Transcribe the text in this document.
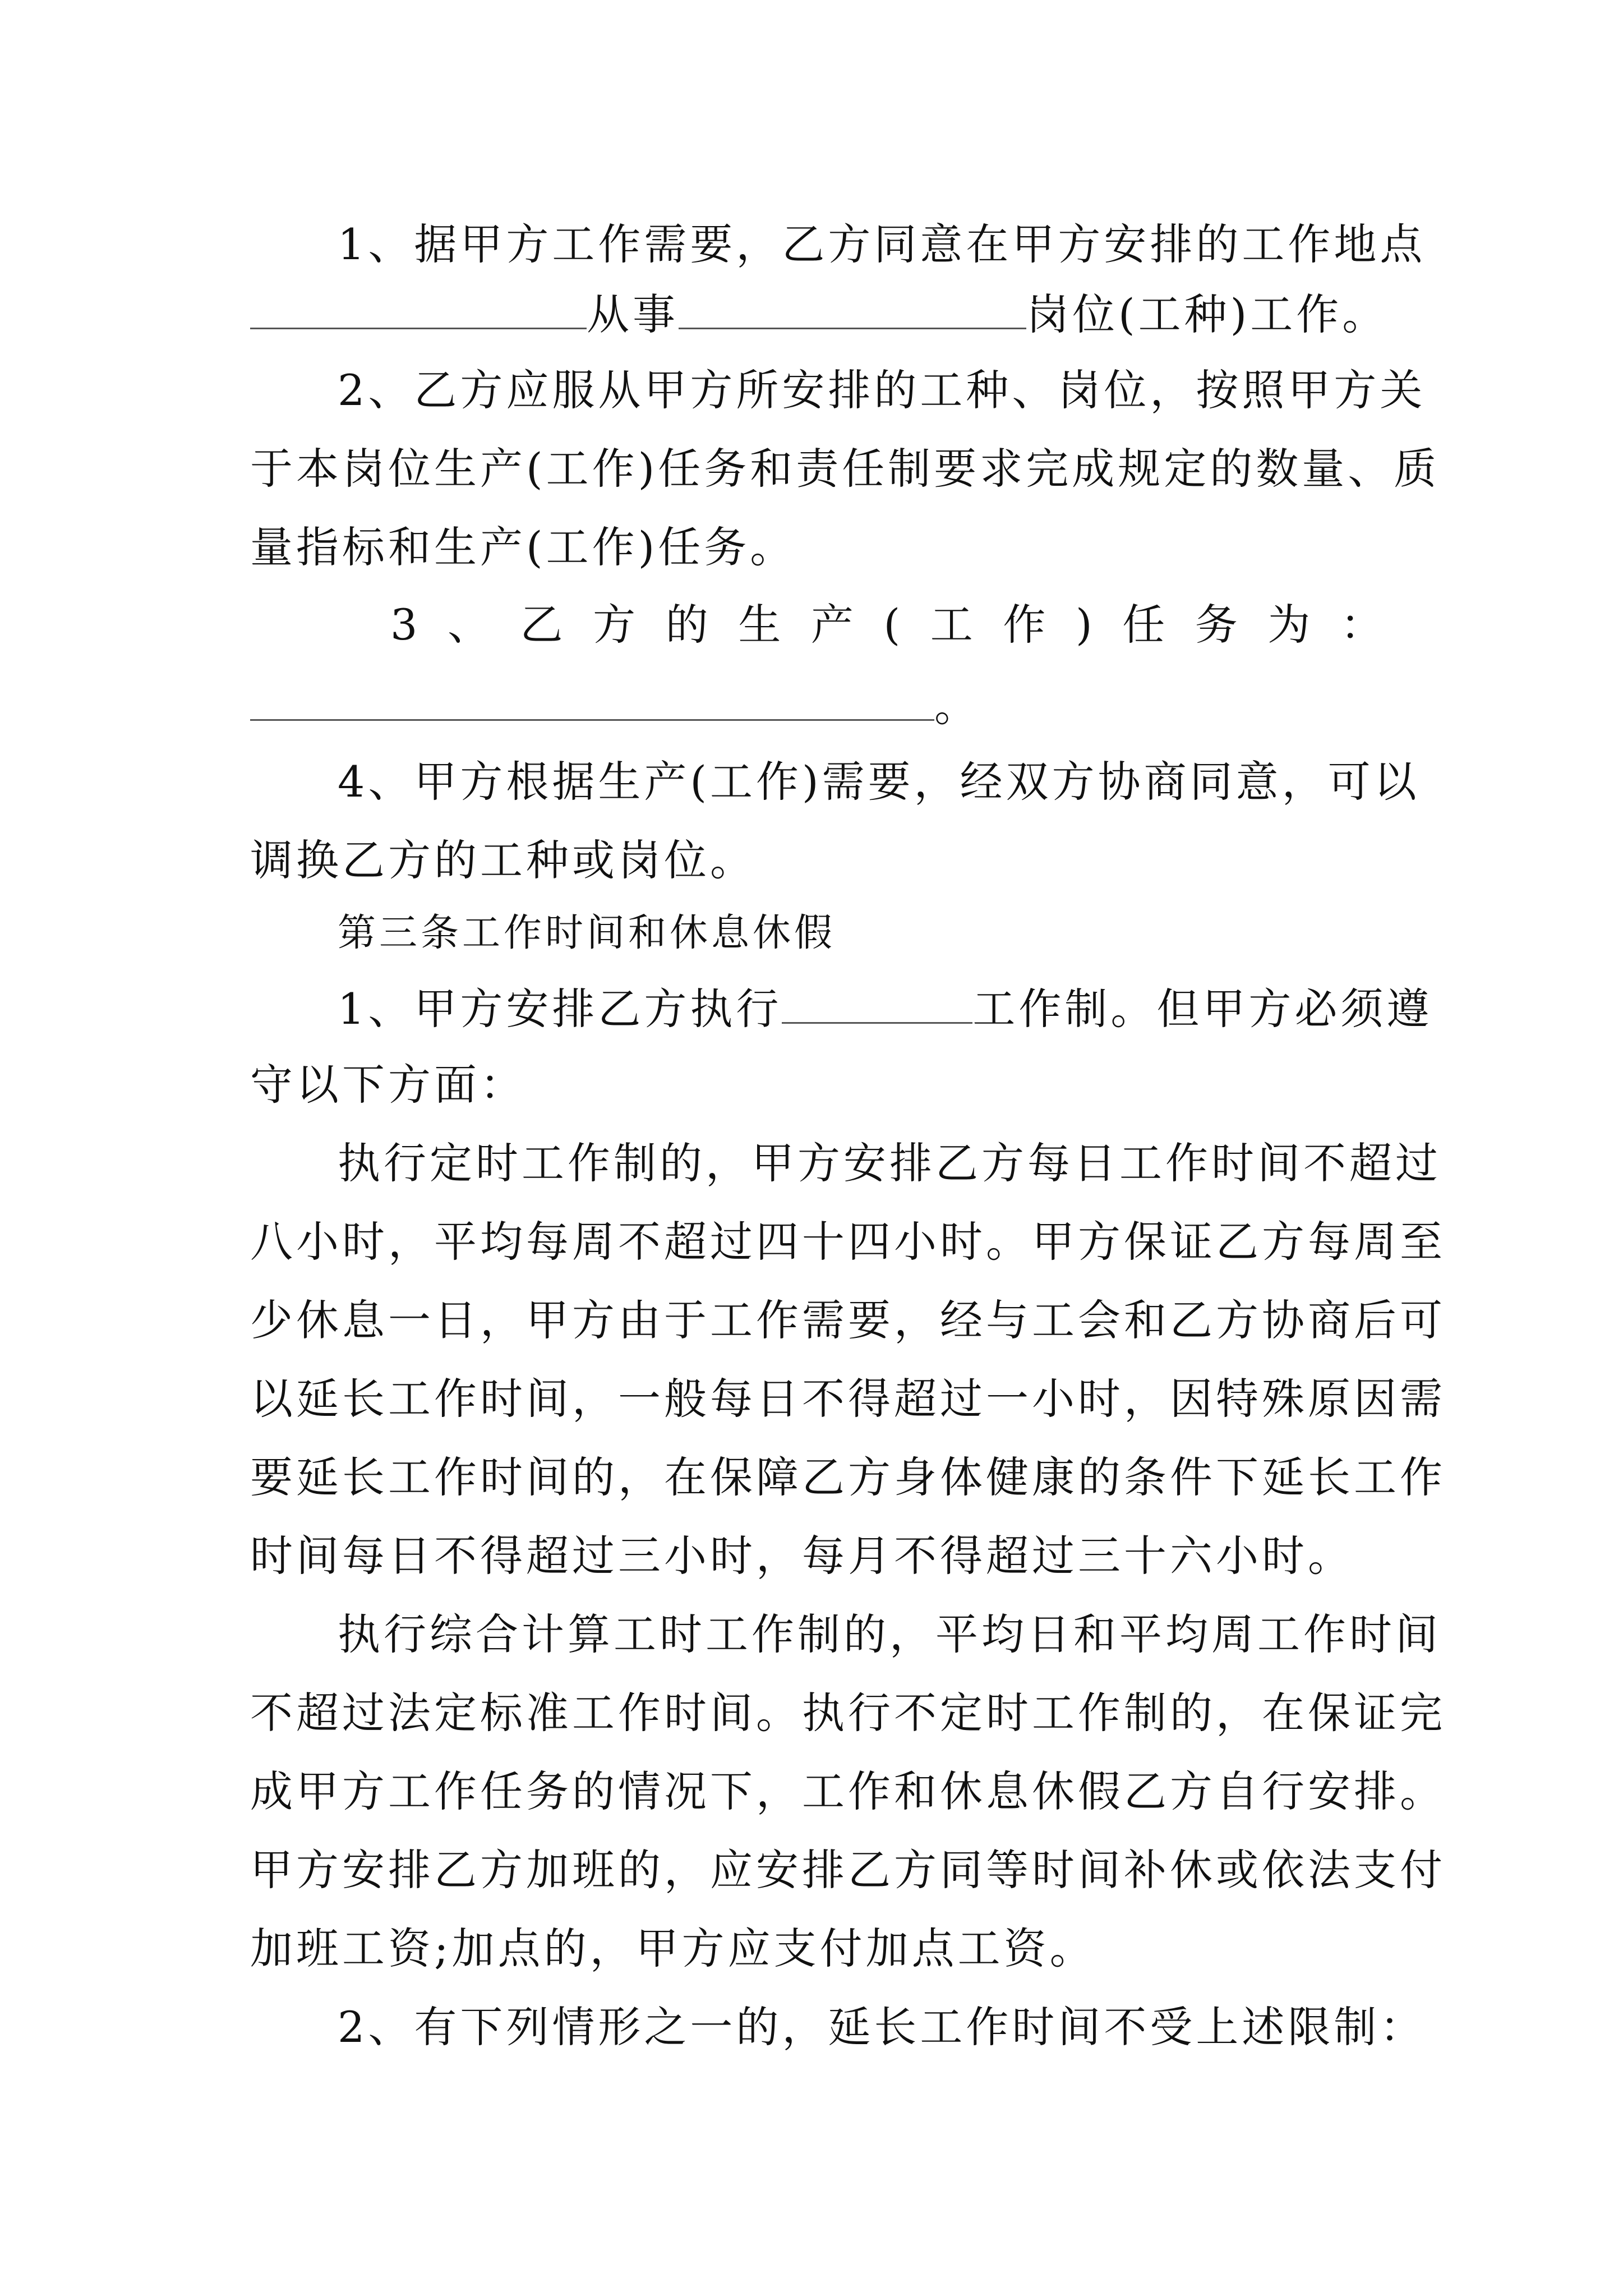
1、据甲方工作需要，乙方同意在甲方安排的工作地点
从事	岗位(工种)工作。
2、乙方应服从甲方所安排的工种、岗位，按照甲方关
于本岗位生产(工作)任务和责任制要求完成规定的数量、质
量指标和生产(工作)任务。
3 、 乙 方 的 生 产 ( 工 作 ) 任 务 为 ：
。
4、甲方根据生产(工作)需要，经双方协商同意，可以
调换乙方的工种或岗位。
第三条工作时间和休息休假
1、甲方安排乙方执行	工作制。但甲方必须遵
守以下方面：
执行定时工作制的，甲方安排乙方每日工作时间不超过
八小时，平均每周不超过四十四小时。甲方保证乙方每周至
少休息一日，甲方由于工作需要，经与工会和乙方协商后可
以延长工作时间，一般每日不得超过一小时，因特殊原因需
要延长工作时间的，在保障乙方身体健康的条件下延长工作
时间每日不得超过三小时，每月不得超过三十六小时。
执行综合计算工时工作制的，平均日和平均周工作时间
不超过法定标准工作时间。执行不定时工作制的，在保证完
成甲方工作任务的情况下，工作和休息休假乙方自行安排。
甲方安排乙方加班的，应安排乙方同等时间补休或依法支付
加班工资;加点的，甲方应支付加点工资。
2、有下列情形之一的，延长工作时间不受上述限制：
